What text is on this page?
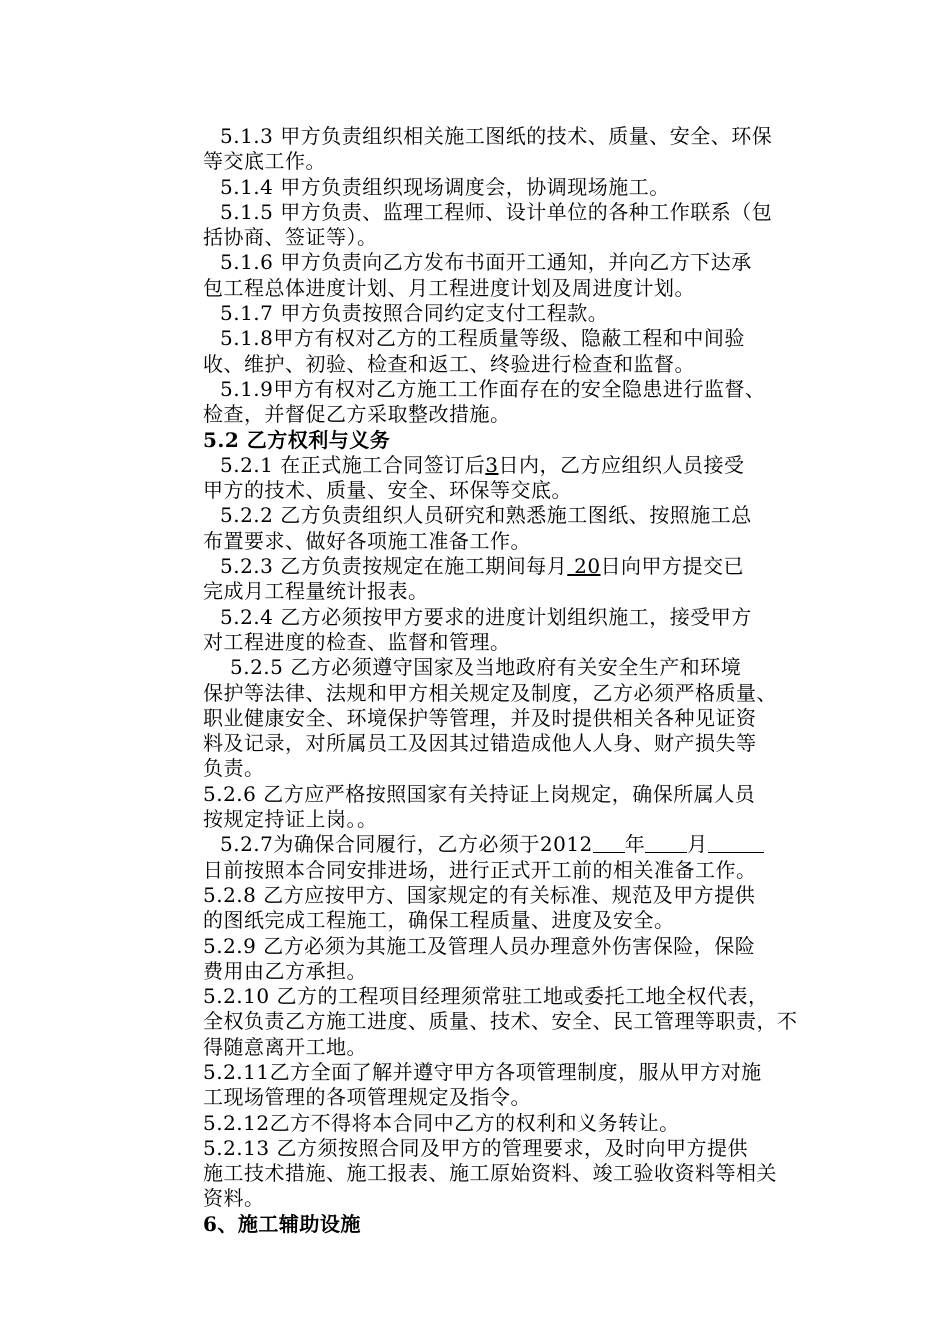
5.1.3 甲方负责组织相关施工图纸的技术、质量、安全、环保
等交底工作。
5.1.4 甲方负责组织现场调度会，协调现场施工。
5.1.5 甲方负责、监理工程师、设计单位的各种工作联系（包
括协商、签证等）。
5.1.6 甲方负责向乙方发布书面开工通知，并向乙方下达承
包工程总体进度计划、月工程进度计划及周进度计划。
5.1.7 甲方负责按照合同约定支付工程款。
5.1.8甲方有权对乙方的工程质量等级、隐蔽工程和中间验
收、维护、初验、检查和返工、终验进行检查和监督。
5.1.9甲方有权对乙方施工工作面存在的安全隐患进行监督、
检查，并督促乙方采取整改措施。
5.2 乙方权利与义务
5.2.1 在正式施工合同签订后3日内，乙方应组织人员接受
甲方的技术、质量、安全、环保等交底。
5.2.2 乙方负责组织人员研究和熟悉施工图纸、按照施工总
布置要求、做好各项施工准备工作。
5.2.3 乙方负责按规定在施工期间每月 20日向甲方提交已
完成月工程量统计报表。
5.2.4 乙方必须按甲方要求的进度计划组织施工，接受甲方
对工程进度的检查、监督和管理。
5.2.5 乙方必须遵守国家及当地政府有关安全生产和环境
保护等法律、法规和甲方相关规定及制度，乙方必须严格质量、
职业健康安全、环境保护等管理，并及时提供相关各种见证资
料及记录，对所属员工及因其过错造成他人人身、财产损失等
负责。
5.2.6 乙方应严格按照国家有关持证上岗规定，确保所属人员
按规定持证上岗。。
5.2.7为确保合同履行，乙方必须于2012 年 月
日前按照本合同安排进场，进行正式开工前的相关准备工作。
5.2.8 乙方应按甲方、国家规定的有关标准、规范及甲方提供
的图纸完成工程施工，确保工程质量、进度及安全。
5.2.9 乙方必须为其施工及管理人员办理意外伤害保险，保险
费用由乙方承担。
5.2.10 乙方的工程项目经理须常驻工地或委托工地全权代表，
全权负责乙方施工进度、质量、技术、安全、民工管理等职责，不
得随意离开工地。
5.2.11乙方全面了解并遵守甲方各项管理制度，服从甲方对施
工现场管理的各项管理规定及指令。
5.2.12乙方不得将本合同中乙方的权利和义务转让。
5.2.13 乙方须按照合同及甲方的管理要求，及时向甲方提供
施工技术措施、施工报表、施工原始资料、竣工验收资料等相关
资料。
6、施工辅助设施
